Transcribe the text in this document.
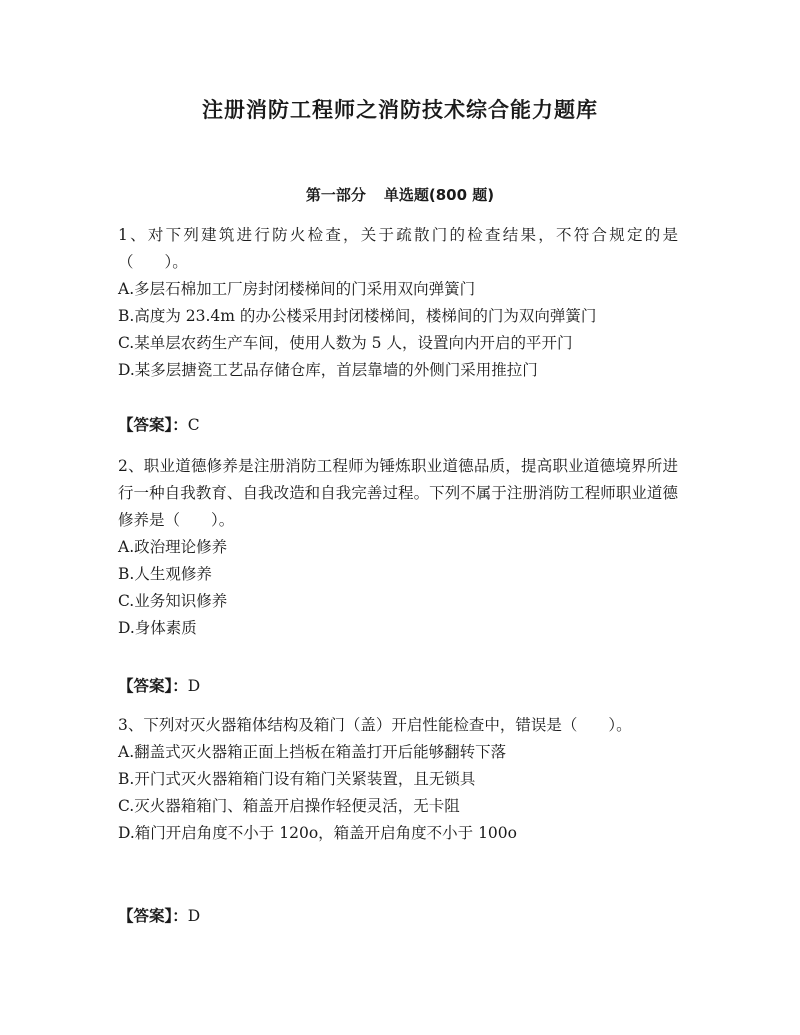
注册消防工程师之消防技术综合能力题库
第一部分 单选题(800 题)

1、对下列建筑进行防火检查，关于疏散门的检查结果，不符合规定的是（　　）。

A.多层石棉加工厂房封闭楼梯间的门采用双向弹簧门

B.高度为 23.4m 的办公楼采用封闭楼梯间，楼梯间的门为双向弹簧门

C.某单层农药生产车间，使用人数为 5 人，设置向内开启的平开门

D.某多层搪瓷工艺品存储仓库，首层靠墙的外侧门采用推拉门

【答案】：C

2、职业道德修养是注册消防工程师为锤炼职业道德品质，提高职业道德境界所进行一种自我教育、自我改造和自我完善过程。下列不属于注册消防工程师职业道德修养是（　　）。

A.政治理论修养

B.人生观修养

C.业务知识修养

D.身体素质

【答案】：D

3、下列对灭火器箱体结构及箱门（盖）开启性能检查中，错误是（　　）。

A.翻盖式灭火器箱正面上挡板在箱盖打开后能够翻转下落

B.开门式灭火器箱箱门设有箱门关紧装置，且无锁具

C.灭火器箱箱门、箱盖开启操作轻便灵活，无卡阻

D.箱门开启角度不小于 120o，箱盖开启角度不小于 100o

【答案】：D
